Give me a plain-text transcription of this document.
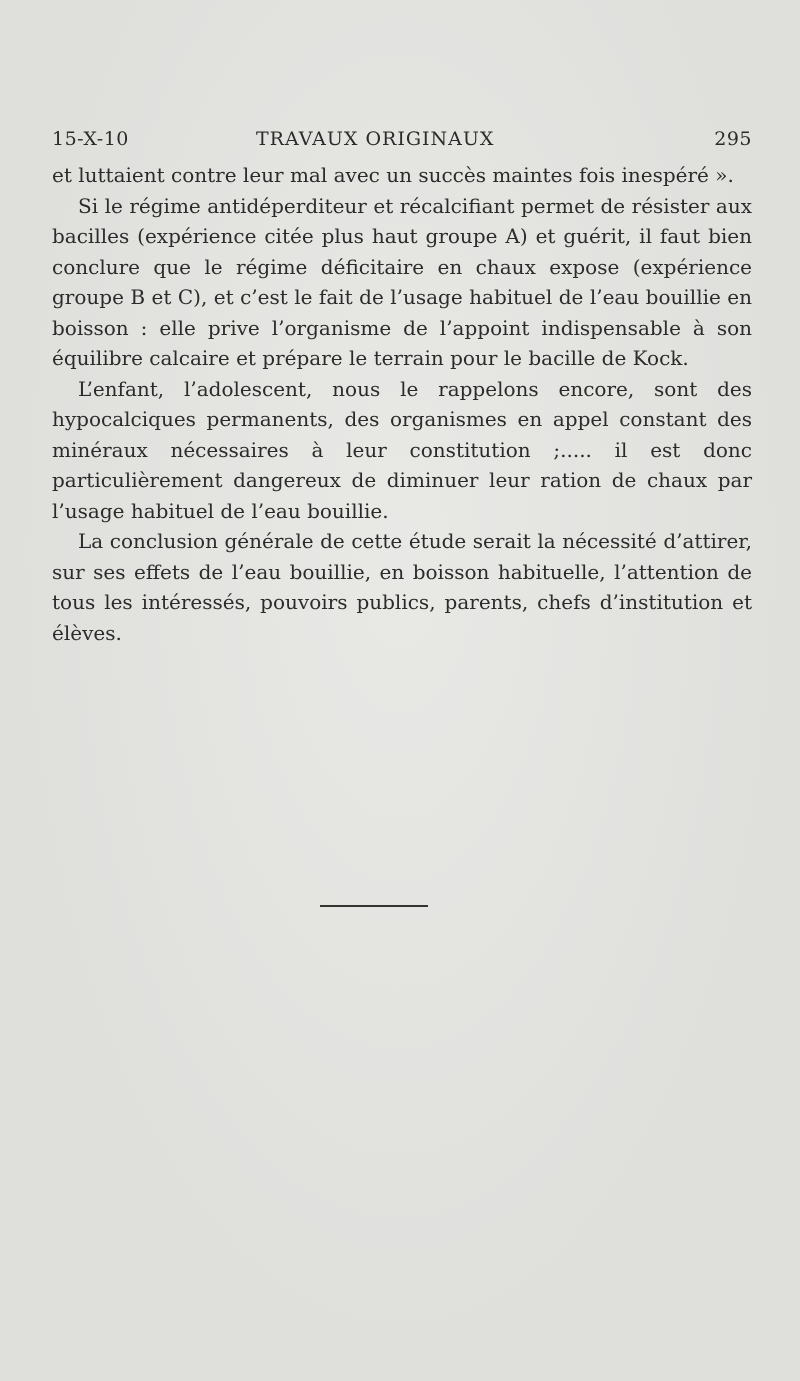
15-X-10	TRAVAUX ORIGINAUX	295

et luttaient contre leur mal avec un succès maintes fois inespéré ».

Si le régime antidéperditeur et récalcifiant permet de résister aux bacilles (expérience citée plus haut groupe A) et guérit, il faut bien conclure que le régime déficitaire en chaux expose (expérience groupe B et C), et c’est le fait de l’usage habituel de l’eau bouillie en boisson : elle prive l’organisme de l’appoint indispensable à son équilibre calcaire et prépare le terrain pour le bacille de Kock.

L’enfant, l’adolescent, nous le rappelons encore, sont des hypocalciques permanents, des organismes en appel constant des minéraux nécessaires à leur constitution ;..... il est donc particulièrement dangereux de diminuer leur ration de chaux par l’usage habituel de l’eau bouillie.

La conclusion générale de cette étude serait la nécessité d’attirer, sur ses effets de l’eau bouillie, en boisson habituelle, l’attention de tous les intéressés, pouvoirs publics, parents, chefs d’institution et élèves.
